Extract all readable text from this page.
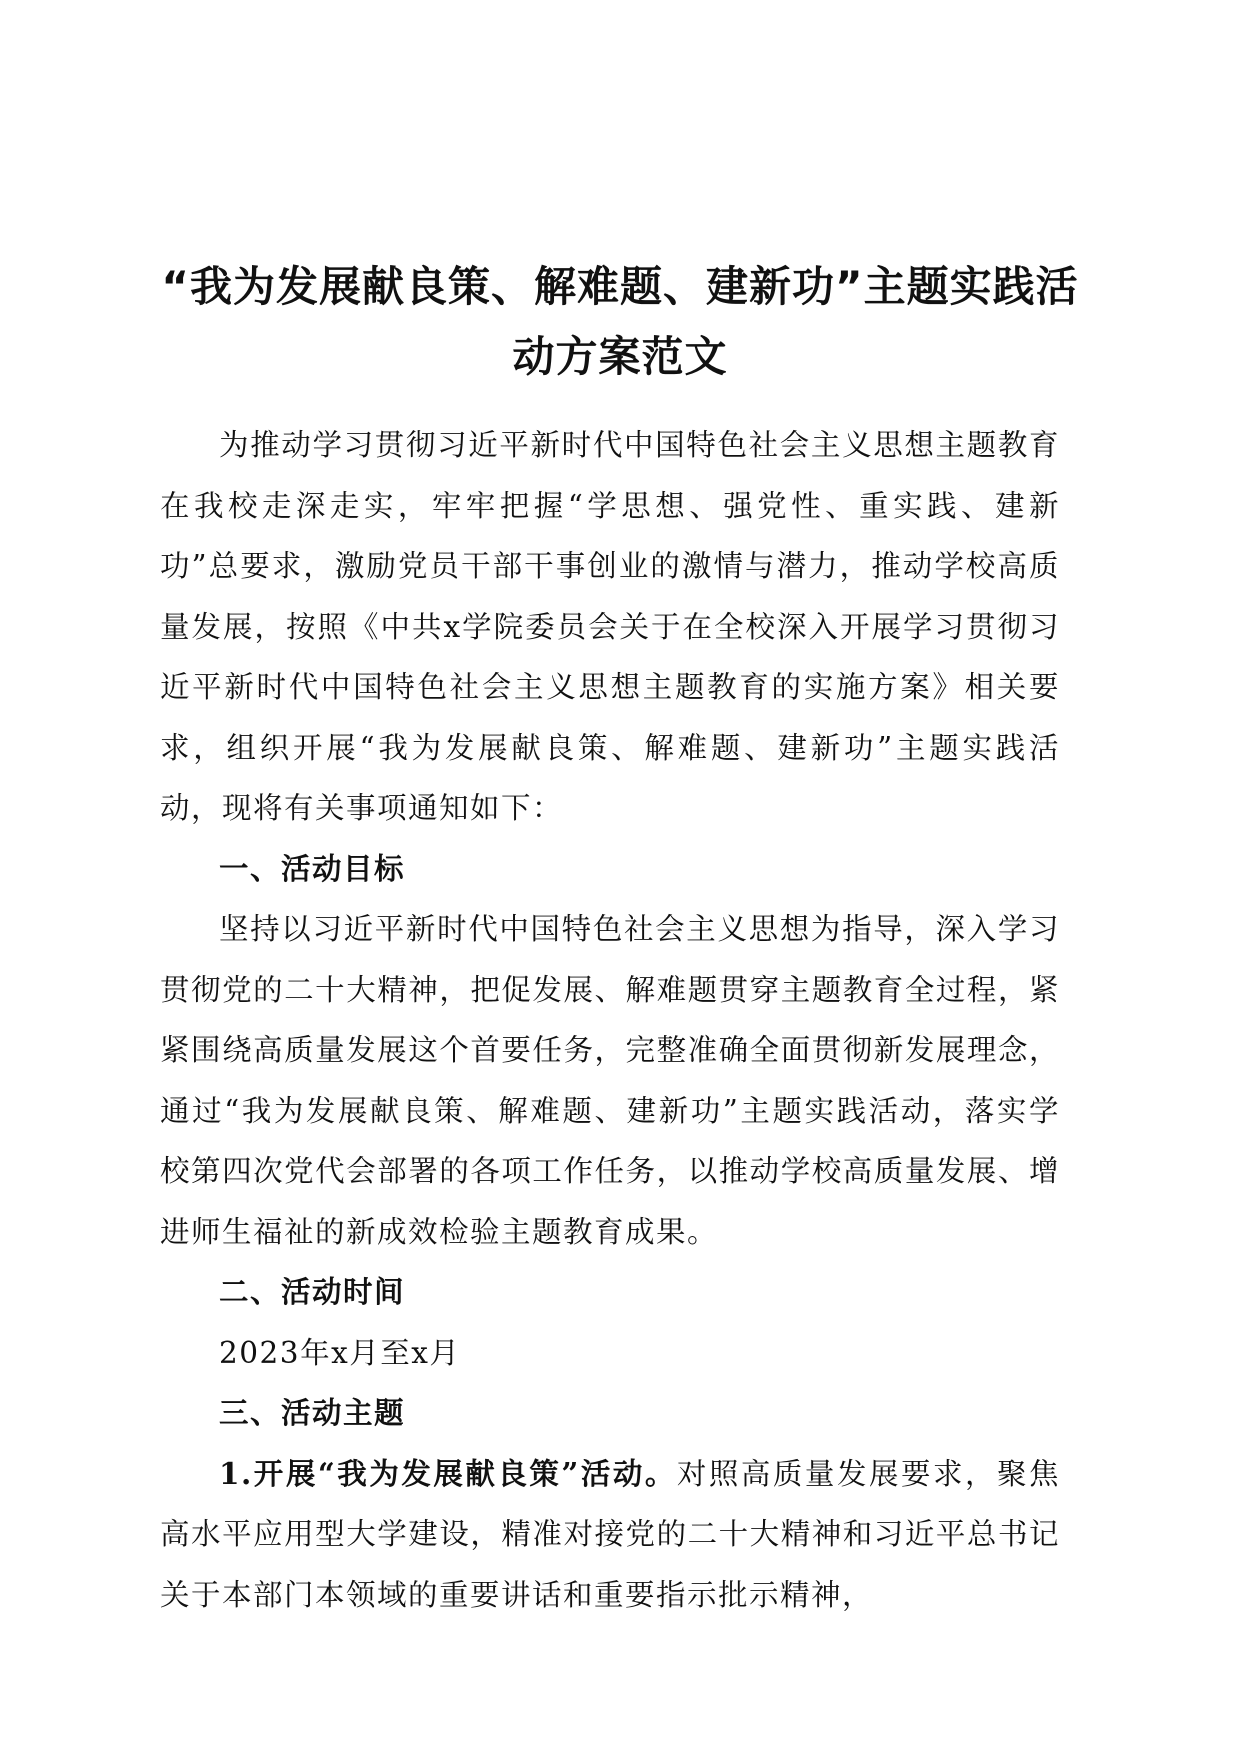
“我为发展献良策、解难题、建新功”主题实践活动方案范文

为推动学习贯彻习近平新时代中国特色社会主义思想主题教育在我校走深走实，牢牢把握“学思想、强党性、重实践、建新功”总要求，激励党员干部干事创业的激情与潜力，推动学校高质量发展，按照《中共x学院委员会关于在全校深入开展学习贯彻习近平新时代中国特色社会主义思想主题教育的实施方案》相关要求，组织开展“我为发展献良策、解难题、建新功”主题实践活动，现将有关事项通知如下：

一、活动目标

坚持以习近平新时代中国特色社会主义思想为指导，深入学习贯彻党的二十大精神，把促发展、解难题贯穿主题教育全过程，紧紧围绕高质量发展这个首要任务，完整准确全面贯彻新发展理念，通过“我为发展献良策、解难题、建新功”主题实践活动，落实学校第四次党代会部署的各项工作任务，以推动学校高质量发展、增进师生福祉的新成效检验主题教育成果。

二、活动时间

2023年x月至x月

三、活动主题

1.开展“我为发展献良策”活动。对照高质量发展要求，聚焦高水平应用型大学建设，精准对接党的二十大精神和习近平总书记关于本部门本领域的重要讲话和重要指示批示精神，
